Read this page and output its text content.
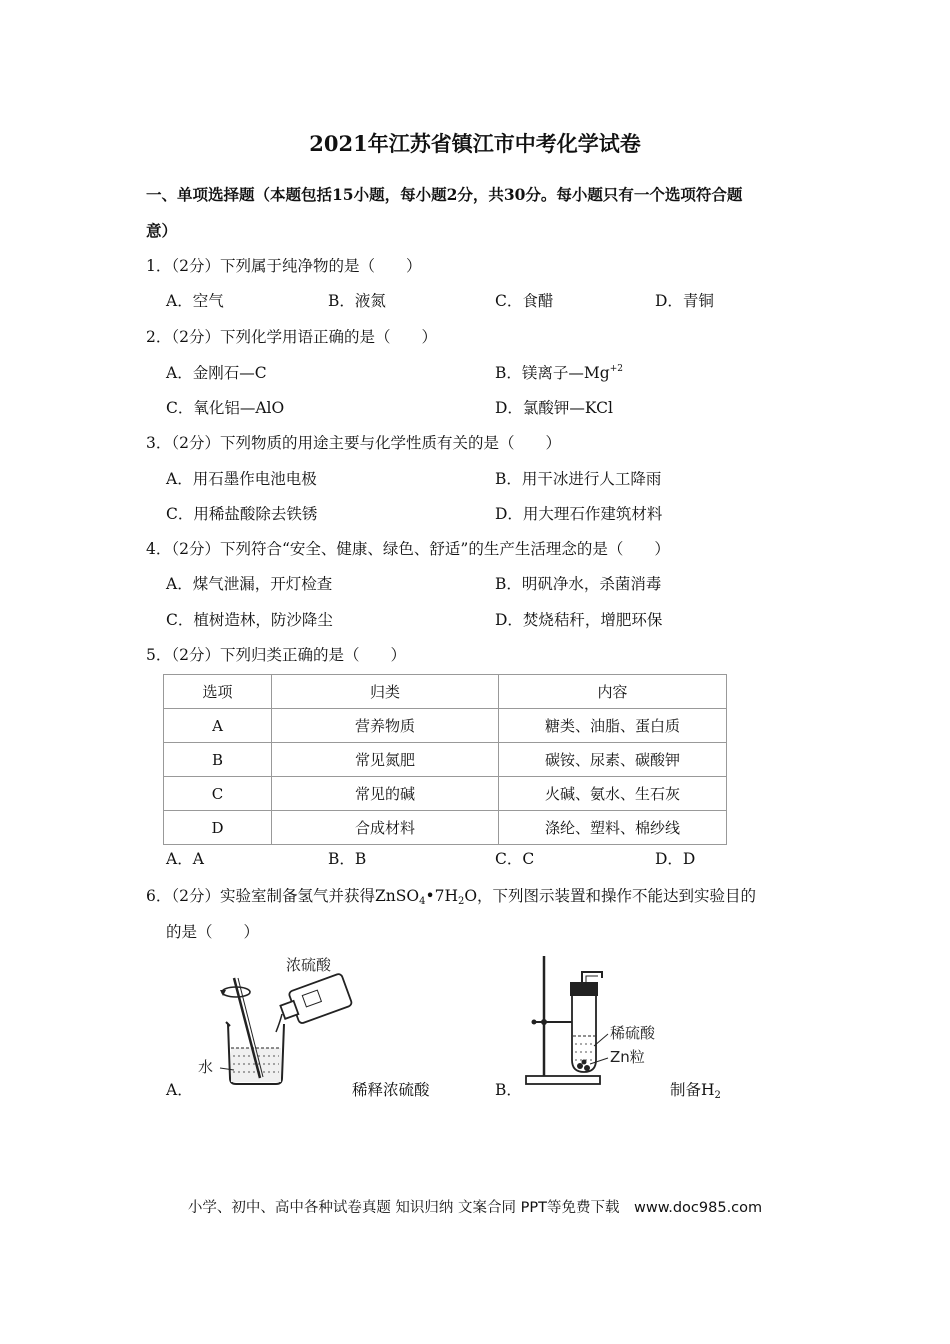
2021年江苏省镇江市中考化学试卷
一、单项选择题（本题包括15小题，每小题2分，共30分。每小题只有一个选项符合题
意）
1．（2分）下列属于纯净物的是（　　）
A．空气	B．液氮	C．食醋	D．青铜
2．（2分）下列化学用语正确的是（　　）
A．金刚石—C	B．镁离子$—Mg^{+2}$
C．氧化铝—AlO	D．氯酸钾—KCl
3．（2分）下列物质的用途主要与化学性质有关的是（　　）
A．用石墨作电池电极	B．用干冰进行人工降雨
C．用稀盐酸除去铁锈	D．用大理石作建筑材料
4．（2分）下列符合“安全、健康、绿色、舒适”的生产生活理念的是（　　）
A．煤气泄漏，开灯检查	B．明矾净水，杀菌消毒
C．植树造林，防沙降尘	D．焚烧秸秆，增肥环保
5．（2分）下列归类正确的是（　　）
选项	归类	内容
A	营养物质	糖类、油脂、蛋白质
B	常见氮肥	碳铵、尿素、碳酸钾
C	常见的碱	火碱、氨水、生石灰
D	合成材料	涤纶、塑料、棉纱线
A．A	B．B	C．C	D．D
6．（2分）实验室制备氢气并获得$ZnSO_4•7H_2O$，下列图示装置和操作不能达到实验目的
的是（　　）
浓硫酸
水
A．	稀释浓硫酸
稀硫酸
Zn粒
B．	制备$H_2$
小学、初中、高中各种试卷真题 知识归纳 文案合同 PPT等免费下载　www.doc985.com
